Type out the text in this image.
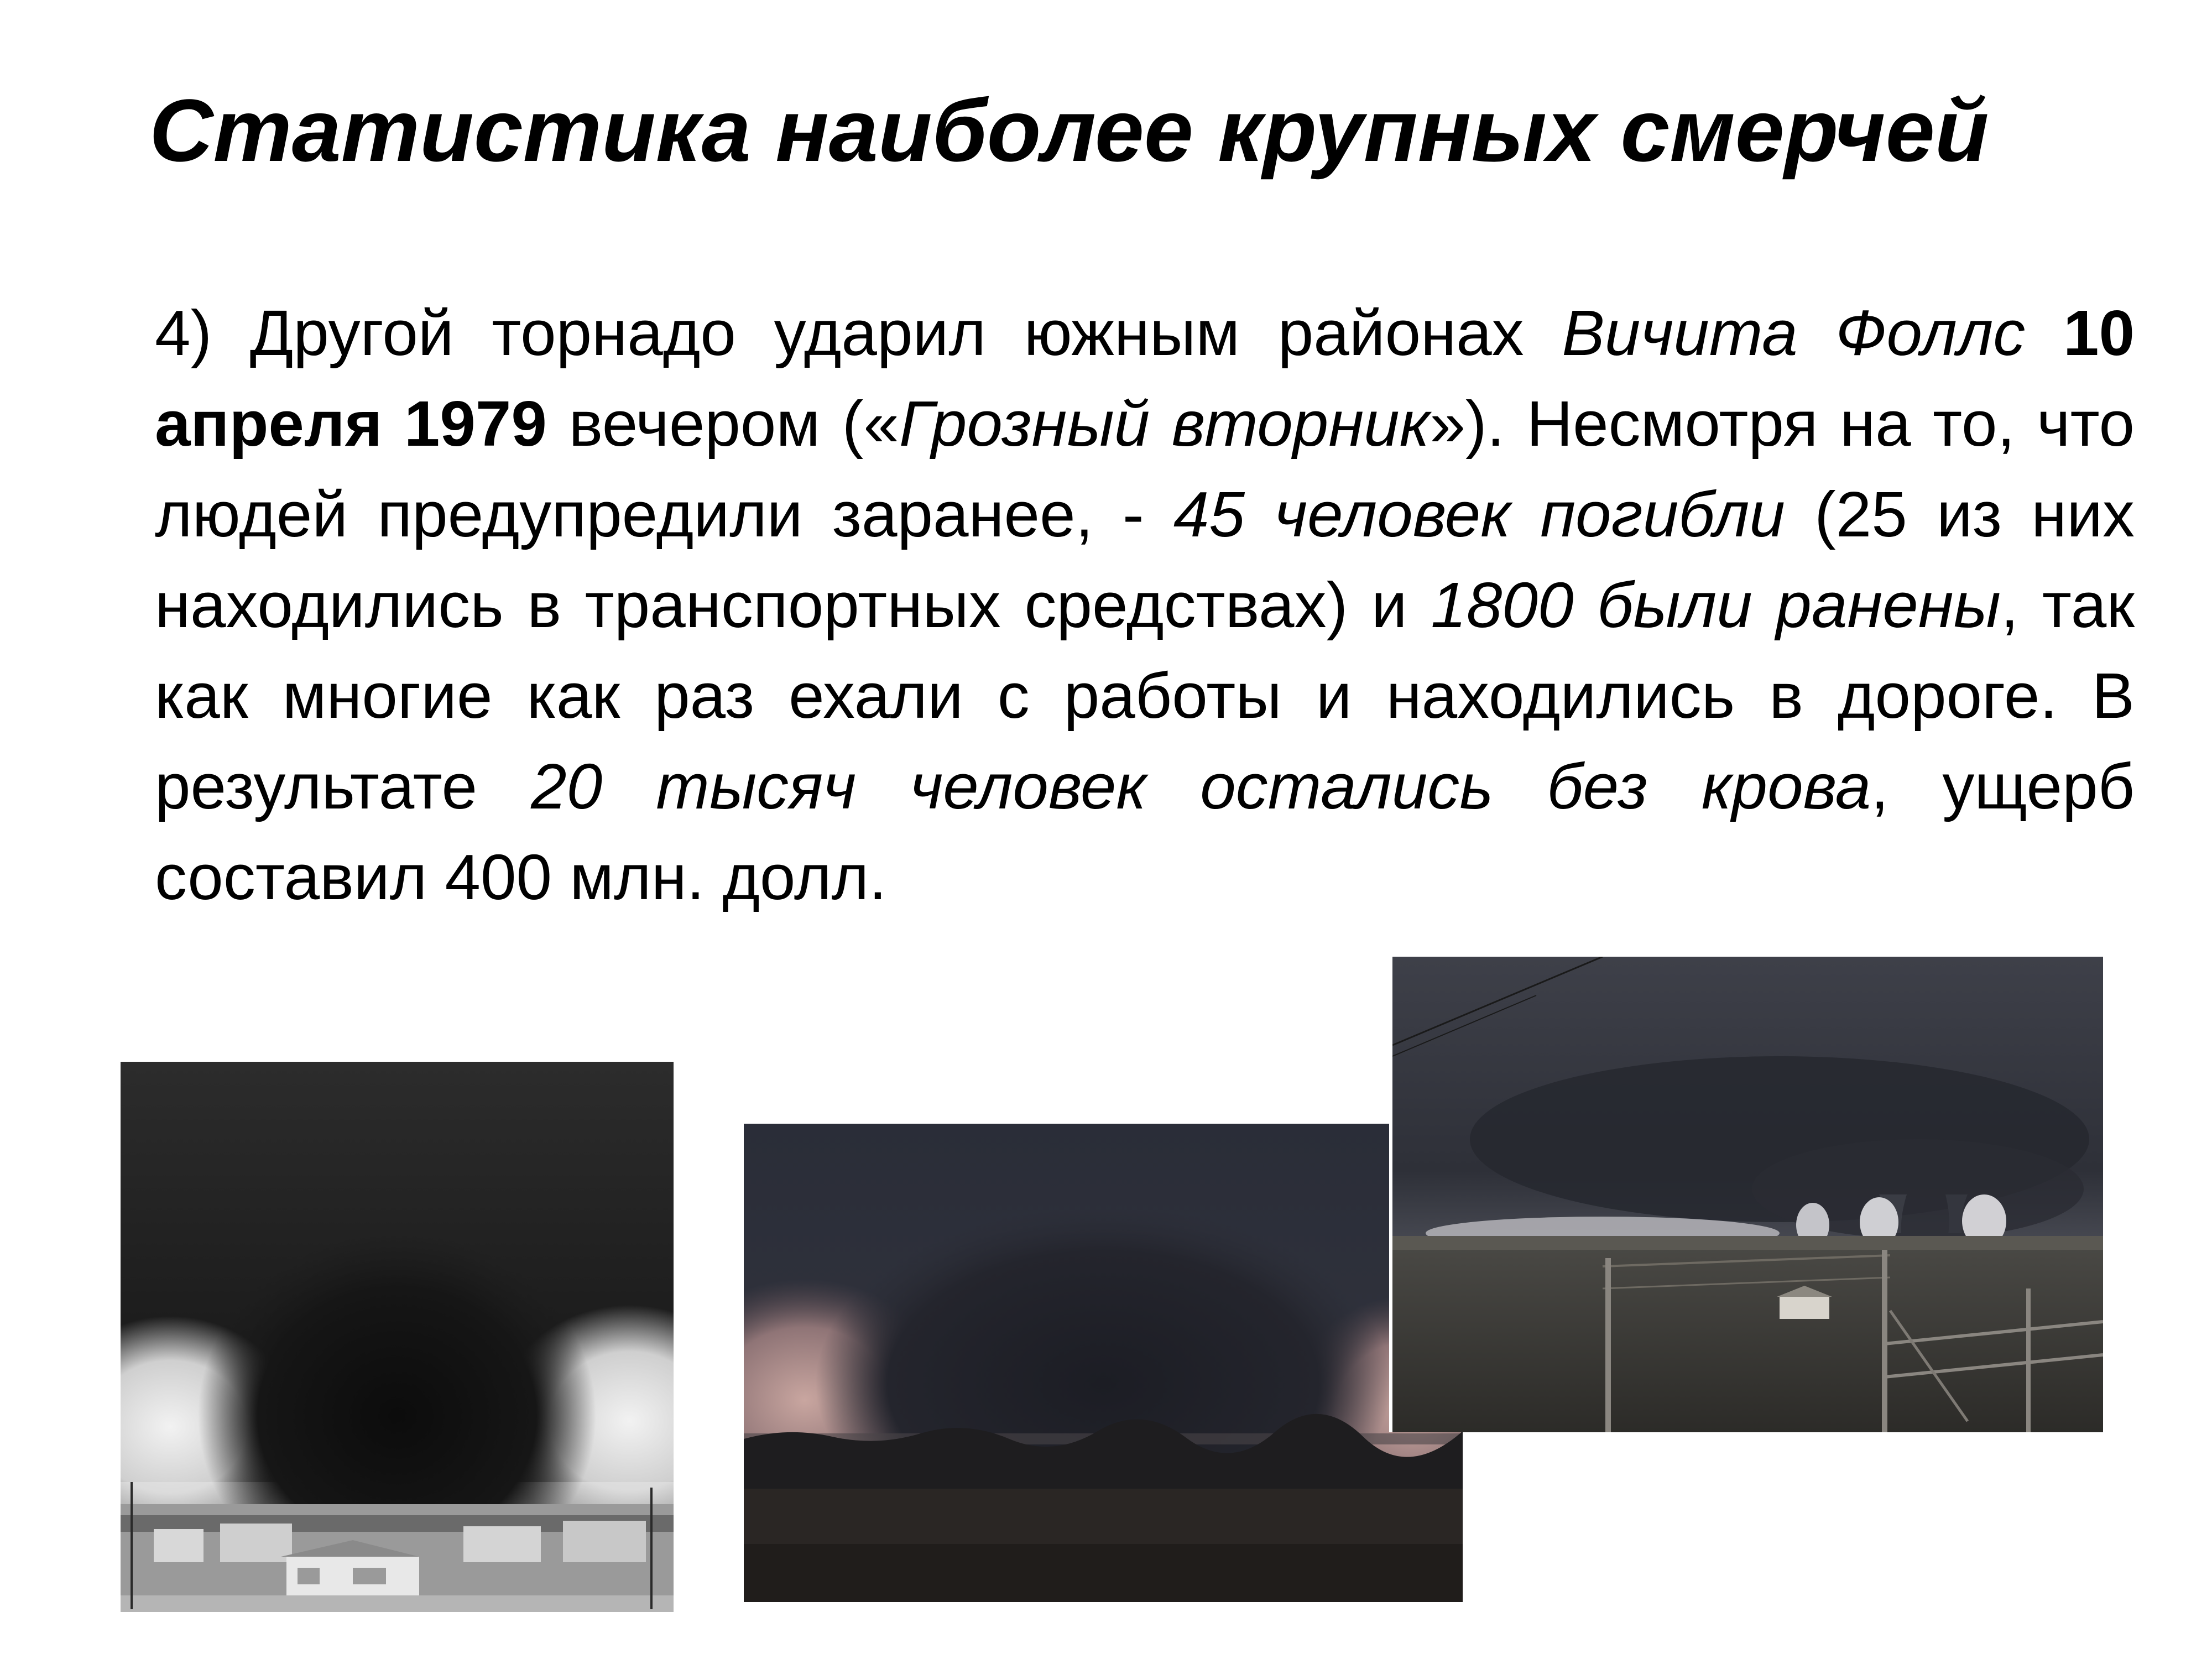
Статистика наиболее крупных смерчей

4) Другой торнадо ударил южным районах Вичита Фоллс 10 апреля 1979 вечером («Грозный вторник»). Несмотря на то, что людей предупредили заранее, - 45 человек погибли (25 из них находились в транспортных средствах) и 1800 были ранены, так как многие как раз ехали с работы и находились в дороге. В результате 20 тысяч человек остались без крова, ущерб составил 400 млн. долл.
